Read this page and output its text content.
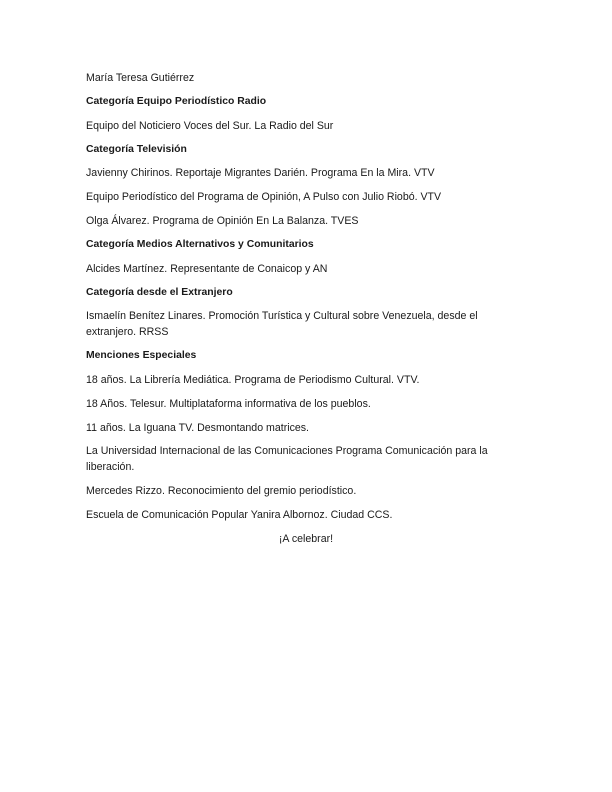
María Teresa Gutiérrez
Categoría Equipo Periodístico Radio
Equipo del Noticiero Voces del Sur. La Radio del Sur
Categoría Televisión
Javienny Chirinos. Reportaje Migrantes Darién. Programa En la Mira. VTV
Equipo Periodístico del Programa de Opinión, A Pulso con Julio Riobó. VTV
Olga Álvarez. Programa de Opinión En La Balanza. TVES
Categoría Medios Alternativos y Comunitarios
Alcides Martínez. Representante de Conaicop y AN
Categoría desde el Extranjero
Ismaelín Benítez Linares. Promoción Turística y Cultural sobre Venezuela, desde el extranjero. RRSS
Menciones Especiales
18 años. La Librería Mediática. Programa de Periodismo Cultural. VTV.
18 Años. Telesur. Multiplataforma informativa de los pueblos.
11 años. La Iguana TV. Desmontando matrices.
La Universidad Internacional de las Comunicaciones Programa Comunicación para la liberación.
Mercedes Rizzo. Reconocimiento del gremio periodístico.
Escuela de Comunicación Popular Yanira Albornoz. Ciudad CCS.
¡A celebrar!
